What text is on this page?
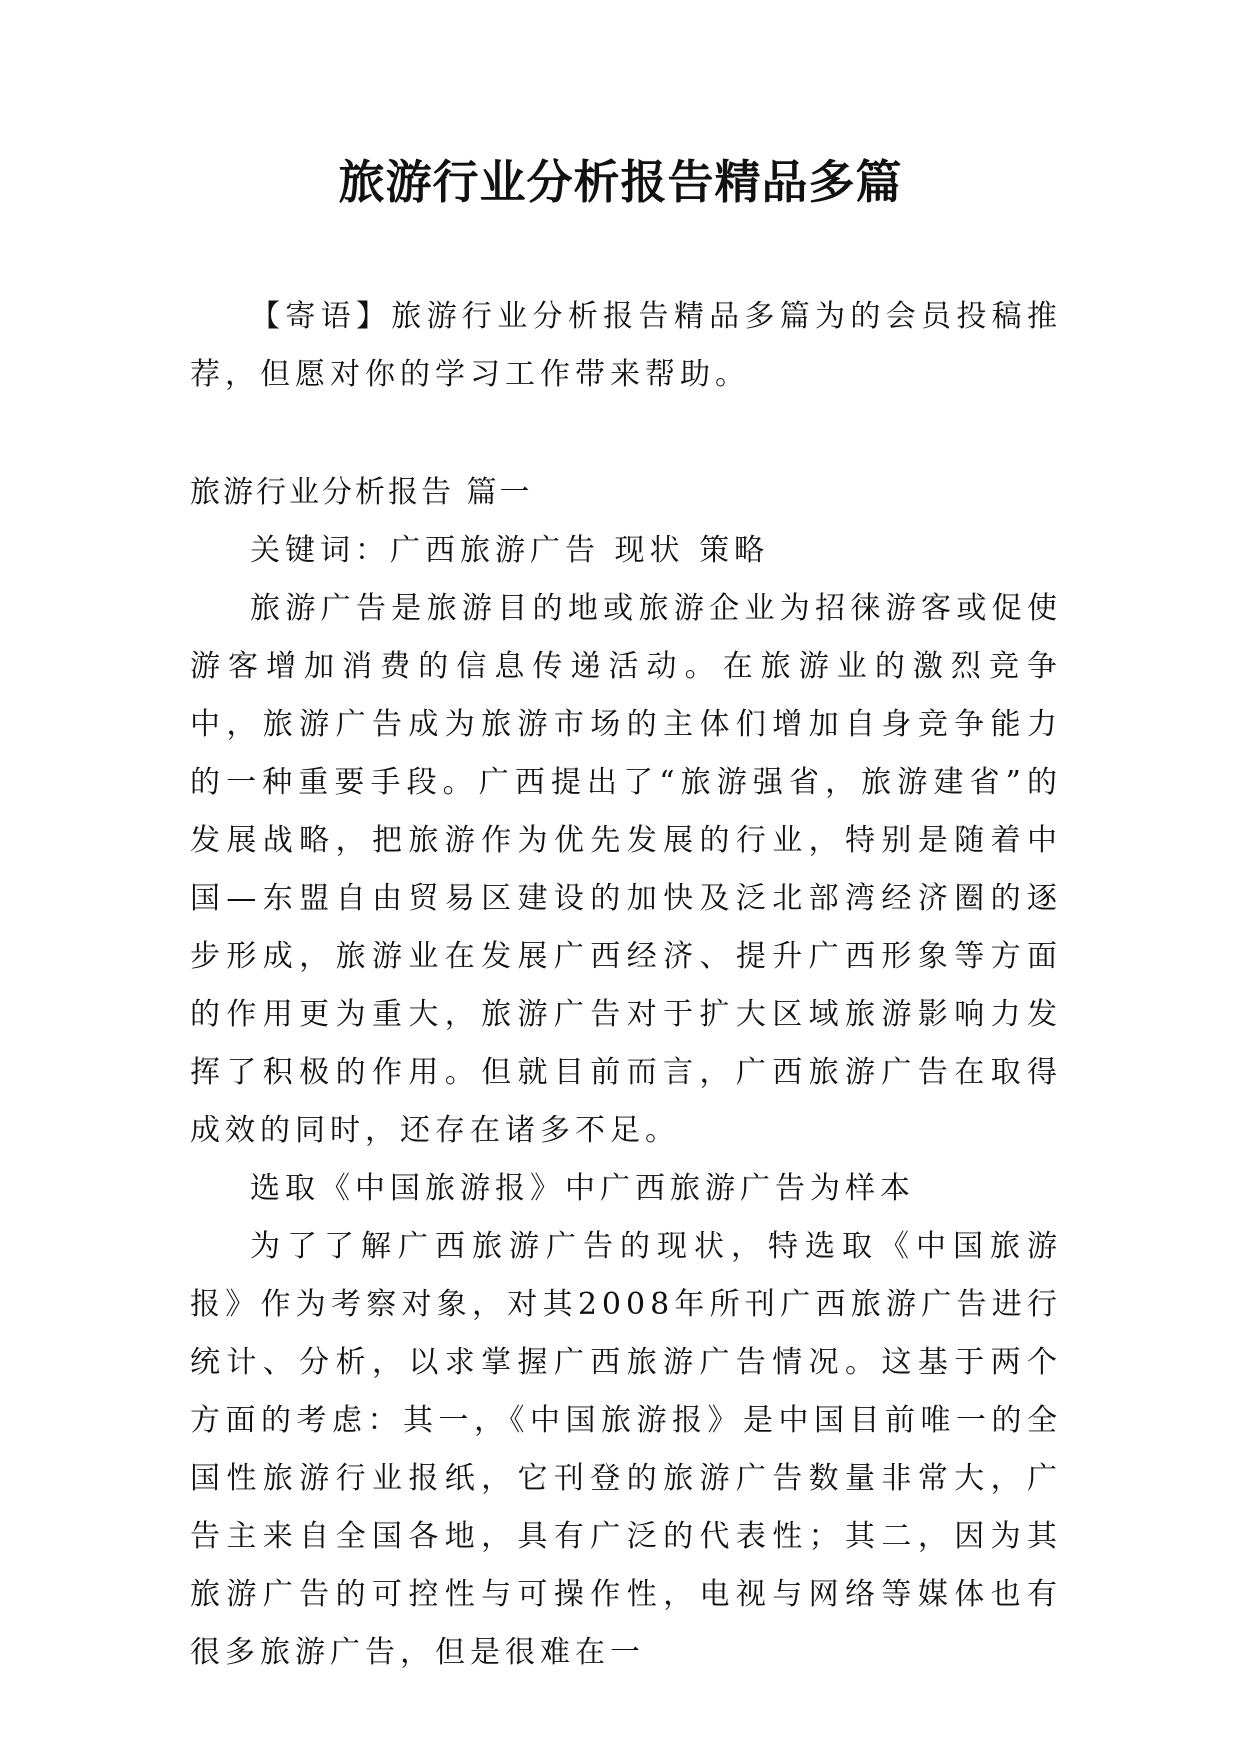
旅游行业分析报告精品多篇

【寄语】旅游行业分析报告精品多篇为的会员投稿推荐，但愿对你的学习工作带来帮助。

旅游行业分析报告 篇一

关键词：广西旅游广告 现状 策略

旅游广告是旅游目的地或旅游企业为招徕游客或促使游客增加消费的信息传递活动。在旅游业的激烈竞争中，旅游广告成为旅游市场的主体们增加自身竞争能力的一种重要手段。广西提出了“旅游强省，旅游建省”的发展战略，把旅游作为优先发展的行业，特别是随着中国—东盟自由贸易区建设的加快及泛北部湾经济圈的逐步形成，旅游业在发展广西经济、提升广西形象等方面的作用更为重大，旅游广告对于扩大区域旅游影响力发挥了积极的作用。但就目前而言，广西旅游广告在取得成效的同时，还存在诸多不足。

选取《中国旅游报》中广西旅游广告为样本

为了了解广西旅游广告的现状，特选取《中国旅游报》作为考察对象，对其2008年所刊广西旅游广告进行统计、分析，以求掌握广西旅游广告情况。这基于两个方面的考虑：其一，《中国旅游报》是中国目前唯一的全国性旅游行业报纸，它刊登的旅游广告数量非常大，广告主来自全国各地，具有广泛的代表性；其二，因为其旅游广告的可控性与可操作性，电视与网络等媒体也有很多旅游广告，但是很难在一
